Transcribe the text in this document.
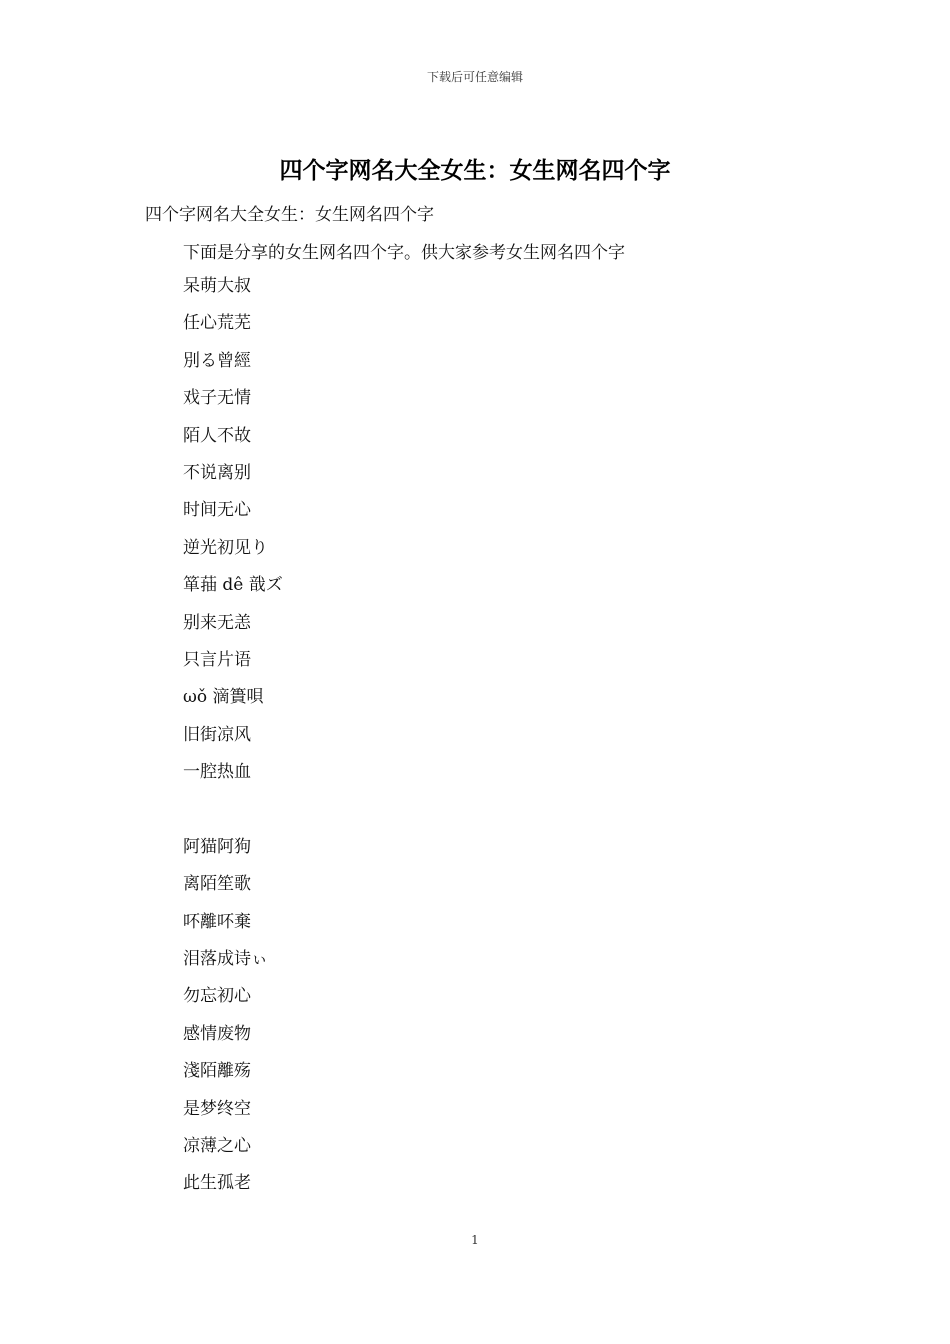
下载后可任意编辑
四个字网名大全女生：女生网名四个字
四个字网名大全女生：女生网名四个字
下面是分享的女生网名四个字。供大家参考女生网名四个字
呆萌大叔
任心荒芜
別る曾經
戏子无情
陌人不故
不说离别
时间无心
逆光初见り
箪菗 dê 戠ズ
别来无恙
只言片语
ωǒ 滴簣唄
旧街凉风
一腔热血
阿猫阿狗
离陌笙歌
吥離吥棄
泪落成诗ぃ
勿忘初心
感情废物
淺陌離殇
是梦终空
凉薄之心
此生孤老
1
